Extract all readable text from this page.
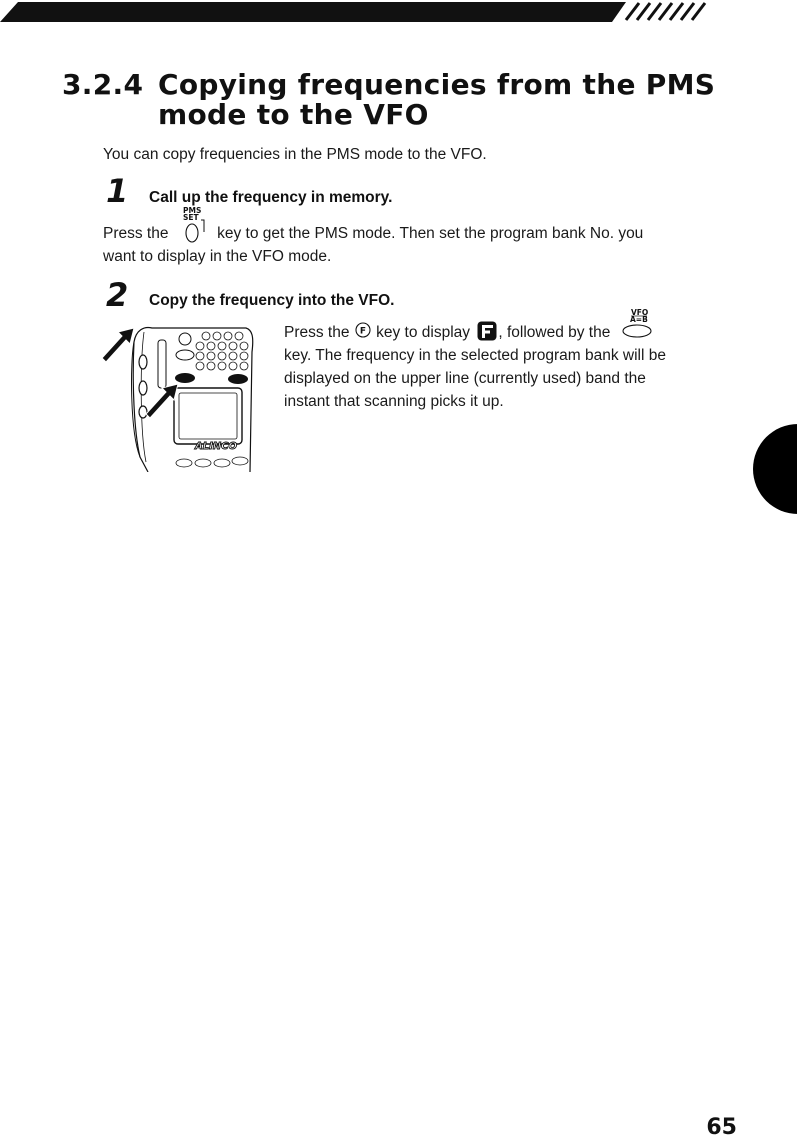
3.2.4 Copying frequencies from the PMS
mode to the VFO

You can copy frequencies in the PMS mode to the VFO.

1 Call up the frequency in memory.
Press the
PMS
SET
key to get the PMS mode. Then set the program bank No. you
want to display in the VFO mode.
2 Copy the frequency into the VFO.
Press the F key to display , followed by the
VFO
A=B

key. The frequency in the selected program bank will be
displayed on the upper line (currently used) band the
instant that scanning picks it up.
ALINCO
65
